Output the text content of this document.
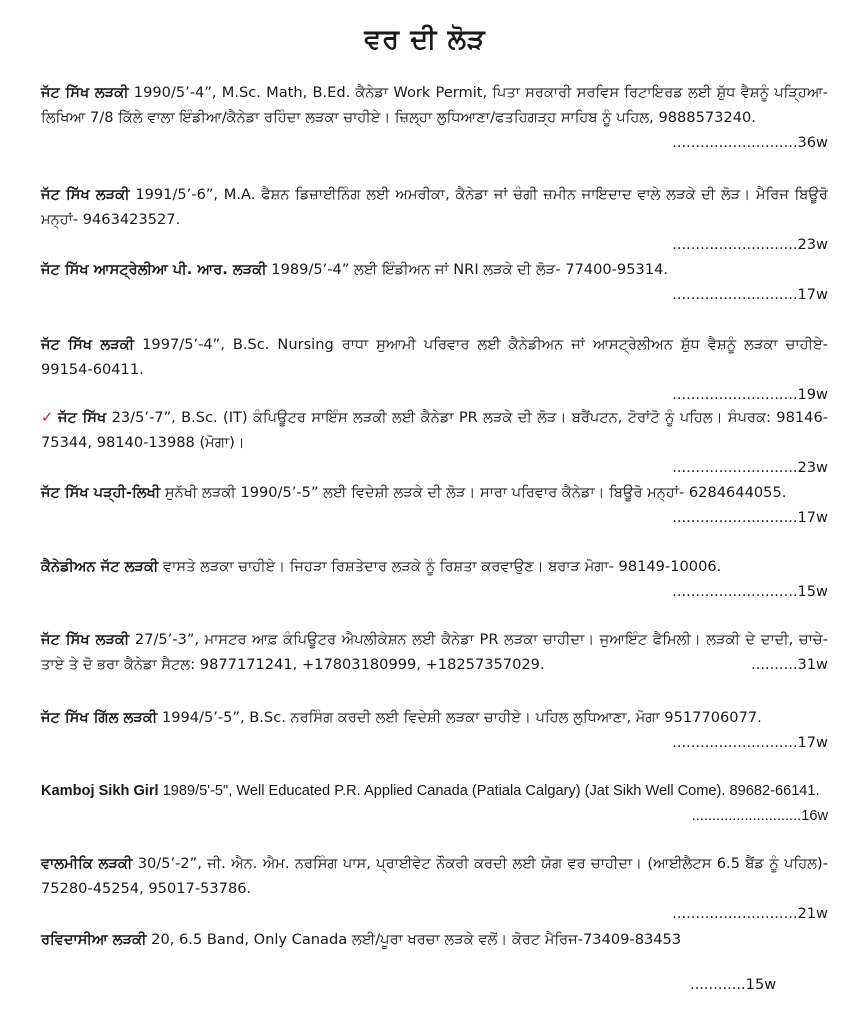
ਵਰ ਦੀ ਲੋੜ

ਜੱਟ ਸਿੱਖ ਲੜਕੀ 1990/5’-4”, M.Sc. Math, B.Ed. ਕੈਨੇਡਾ Work Permit, ਪਿਤਾ ਸਰਕਾਰੀ ਸਰਵਿਸ ਰਿਟਾਇਰਡ ਲਈ ਸ਼ੁੱਧ ਵੈਸ਼ਨੂੰ ਪੜ੍ਹਿਆ-ਲਿਖਿਆ 7/8 ਕਿੱਲੇ ਵਾਲਾ ਇੰਡੀਆ/ਕੈਨੇਡਾ ਰਹਿੰਦਾ ਲੜਕਾ ਚਾਹੀਏ। ਜ਼ਿਲ੍ਹਾ ਲੁਧਿਆਣਾ/ਫਤਹਿਗੜ੍ਹ ਸਾਹਿਬ ਨੂੰ ਪਹਿਲ, 9888573240.

...........................36w

ਜੱਟ ਸਿੱਖ ਲੜਕੀ 1991/5’-6”, M.A. ਫੈਸ਼ਨ ਡਿਜ਼ਾਈਨਿੰਗ ਲਈ ਅਮਰੀਕਾ, ਕੈਨੇਡਾ ਜਾਂ ਚੰਗੀ ਜ਼ਮੀਨ ਜਾਇਦਾਦ ਵਾਲੇ ਲੜਕੇ ਦੀ ਲੋੜ। ਮੈਰਿਜ ਬਿਊਰੋ ਮਨ੍ਹਾਂ- 9463423527.

...........................23w

ਜੱਟ ਸਿੱਖ ਆਸਟ੍ਰੇਲੀਆ ਪੀ. ਆਰ. ਲੜਕੀ 1989/5’-4” ਲਈ ਇੰਡੀਅਨ ਜਾਂ NRI ਲੜਕੇ ਦੀ ਲੋੜ- 77400-95314.

...........................17w

ਜੱਟ ਸਿੱਖ ਲੜਕੀ 1997/5’-4”, B.Sc. Nursing ਰਾਧਾ ਸੁਆਮੀ ਪਰਿਵਾਰ ਲਈ ਕੈਨੇਡੀਅਨ ਜਾਂ ਆਸਟ੍ਰੇਲੀਅਨ ਸ਼ੁੱਧ ਵੈਸ਼ਨੂੰ ਲੜਕਾ ਚਾਹੀਏ- 99154-60411.

...........................19w

✓ ਜੱਟ ਸਿੱਖ 23/5’-7”, B.Sc. (IT) ਕੰਪਿਊਟਰ ਸਾਇੰਸ ਲੜਕੀ ਲਈ ਕੈਨੇਡਾ PR ਲੜਕੇ ਦੀ ਲੋੜ। ਬਰੈਂਪਟਨ, ਟੋਰਾਂਟੋ ਨੂੰ ਪਹਿਲ। ਸੰਪਰਕ: 98146-75344, 98140-13988 (ਮੋਗਾ)।

...........................23w

ਜੱਟ ਸਿੱਖ ਪੜ੍ਹੀ-ਲਿਖੀ ਸੁਨੱਖੀ ਲੜਕੀ 1990/5’-5” ਲਈ ਵਿਦੇਸ਼ੀ ਲੜਕੇ ਦੀ ਲੋੜ। ਸਾਰਾ ਪਰਿਵਾਰ ਕੈਨੇਡਾ। ਬਿਊਰੋ ਮਨ੍ਹਾਂ- 6284644055.

...........................17w

ਕੈਨੇਡੀਅਨ ਜੱਟ ਲੜਕੀ ਵਾਸਤੇ ਲੜਕਾ ਚਾਹੀਏ। ਜਿਹੜਾ ਰਿਸ਼ਤੇਦਾਰ ਲੜਕੇ ਨੂੰ ਰਿਸ਼ਤਾ ਕਰਵਾਉਣ। ਬਰਾੜ ਮੋਗਾ- 98149-10006.

...........................15w

ਜੱਟ ਸਿੱਖ ਲੜਕੀ 27/5’-3”, ਮਾਸਟਰ ਆਫ਼ ਕੰਪਿਊਟਰ ਐਪਲੀਕੇਸ਼ਨ ਲਈ ਕੈਨੇਡਾ PR ਲੜਕਾ ਚਾਹੀਦਾ। ਜੁਆਇੰਟ ਫੈਮਿਲੀ। ਲੜਕੀ ਦੇ ਦਾਦੀ, ਚਾਚੇ-ਤਾਏ ਤੇ ਦੋ ਭਰਾ ਕੈਨੇਡਾ ਸੈਟਲ: 9877171241, +17803180999, +18257357029.	..........31w

ਜੱਟ ਸਿੱਖ ਗਿੱਲ ਲੜਕੀ 1994/5’-5”, B.Sc. ਨਰਸਿੰਗ ਕਰਦੀ ਲਈ ਵਿਦੇਸ਼ੀ ਲੜਕਾ ਚਾਹੀਏ। ਪਹਿਲ ਲੁਧਿਆਣਾ, ਮੋਗਾ 9517706077.

...........................17w

Kamboj Sikh Girl 1989/5'-5", Well Educated P.R. Applied Canada (Patiala Calgary) (Jat Sikh Well Come). 89682-66141.

...........................16w

ਵਾਲਮੀਕਿ ਲੜਕੀ 30/5’-2”, ਜੀ. ਐਨ. ਐਮ. ਨਰਸਿੰਗ ਪਾਸ, ਪ੍ਰਾਈਵੇਟ ਨੌਕਰੀ ਕਰਦੀ ਲਈ ਯੋਗ ਵਰ ਚਾਹੀਦਾ। (ਆਈਲੈਟਸ 6.5 ਬੈਂਡ ਨੂੰ ਪਹਿਲ)- 75280-45254, 95017-53786.

...........................21w

ਰਵਿਦਾਸੀਆ ਲੜਕੀ 20, 6.5 Band, Only Canada ਲਈ/ਪੂਰਾ ਖਰਚਾ ਲੜਕੇ ਵਲੋਂ। ਕੋਰਟ ਮੈਰਿਜ-73409-83453

............15w
